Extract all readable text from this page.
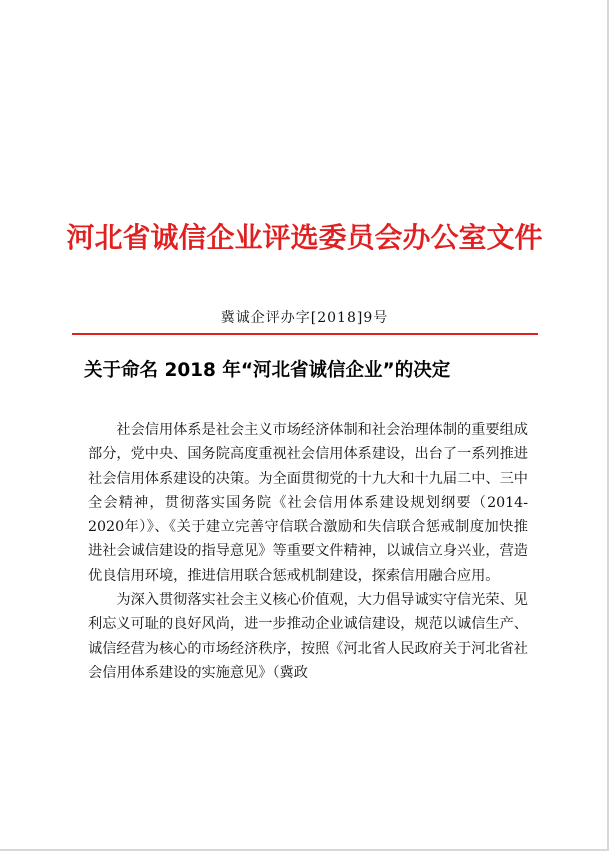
河北省诚信企业评选委员会办公室文件
冀诚企评办字[2018]9号
关于命名 2018 年“河北省诚信企业”的决定

社会信用体系是社会主义市场经济体制和社会治理体制的重要组成部分，党中央、国务院高度重视社会信用体系建设，出台了一系列推进社会信用体系建设的决策。为全面贯彻党的十九大和十九届二中、三中全会精神，贯彻落实国务院《社会信用体系建设规划纲要（2014-2020年）》、《关于建立完善守信联合激励和失信联合惩戒制度加快推进社会诚信建设的指导意见》等重要文件精神，以诚信立身兴业，营造优良信用环境，推进信用联合惩戒机制建设，探索信用融合应用。

为深入贯彻落实社会主义核心价值观，大力倡导诚实守信光荣、见利忘义可耻的良好风尚，进一步推动企业诚信建设，规范以诚信生产、诚信经营为核心的市场经济秩序，按照《河北省人民政府关于河北省社会信用体系建设的实施意见》（冀政
